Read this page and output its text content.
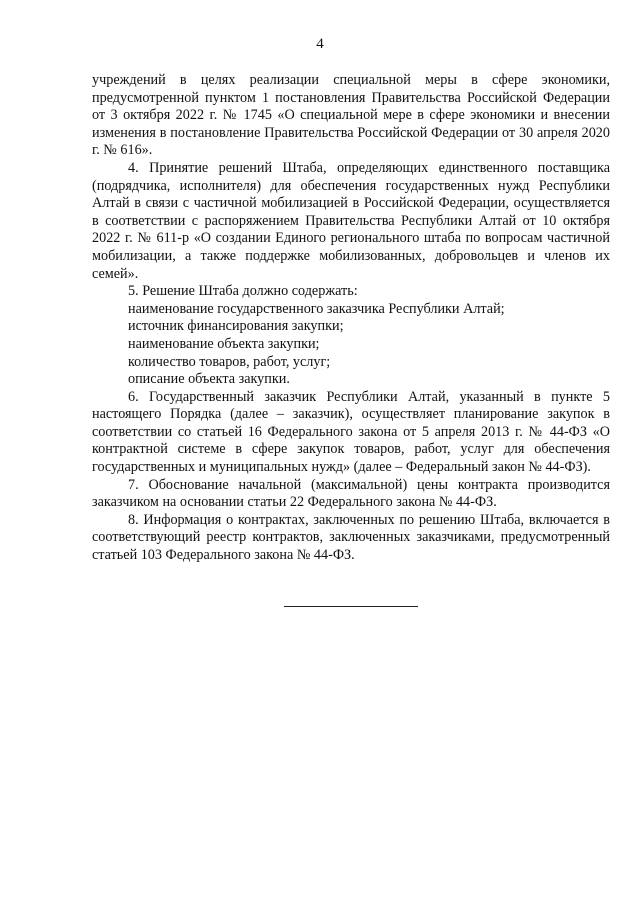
4

учреждений в целях реализации специальной меры в сфере экономики, предусмотренной пунктом 1 постановления Правительства Российской Федерации от 3 октября 2022 г. № 1745 «О специальной мере в сфере экономики и внесении изменения в постановление Правительства Российской Федерации от 30 апреля 2020 г. № 616».

4. Принятие решений Штаба, определяющих единственного поставщика (подрядчика, исполнителя) для обеспечения государственных нужд Республики Алтай в связи с частичной мобилизацией в Российской Федерации, осуществляется в соответствии с распоряжением Правительства Республики Алтай от 10 октября 2022 г. № 611-р «О создании Единого регионального штаба по вопросам частичной мобилизации, а также поддержке мобилизованных, добровольцев и членов их семей».

5. Решение Штаба должно содержать:

наименование государственного заказчика Республики Алтай;

источник финансирования закупки;

наименование объекта закупки;

количество товаров, работ, услуг;

описание объекта закупки.

6. Государственный заказчик Республики Алтай, указанный в пункте 5 настоящего Порядка (далее – заказчик), осуществляет планирование закупок в соответствии со статьей 16 Федерального закона от 5 апреля 2013 г. № 44-ФЗ «О контрактной системе в сфере закупок товаров, работ, услуг для обеспечения государственных и муниципальных нужд» (далее – Федеральный закон № 44-ФЗ).

7. Обоснование начальной (максимальной) цены контракта производится заказчиком на основании статьи 22 Федерального закона № 44-ФЗ.

8. Информация о контрактах, заключенных по решению Штаба, включается в соответствующий реестр контрактов, заключенных заказчиками, предусмотренный статьей 103 Федерального закона № 44-ФЗ.
